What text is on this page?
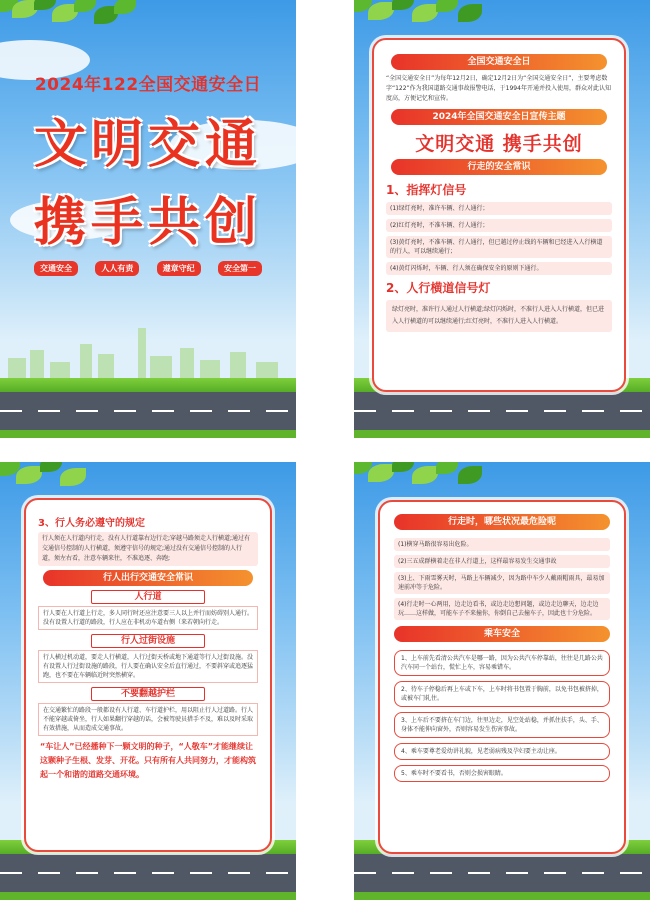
2024年122全国交通安全日
文明交通
携手共创
交通安全	人人有责	遵章守纪	安全第一
全国交通安全日
“全国交通安全日”为每年12月2日，确定12月2日为“全国交通安全日”，主要考虑数字“122”作为我国道路交通事故报警电话，于1994年开通并投入使用，群众对此认知度高，方便记忆和宣传。
2024年全国交通安全日宣传主题
文明交通 携手共创
行走的安全常识
1、指挥灯信号
(1)绿灯亮时，准许车辆、行人通行；
(2)红灯亮时，不准车辆、行人通行；
(3)黄灯亮时，不准车辆、行人通行，但已越过停止线的车辆和已经进入人行横道的行人，可以继续通行；
(4)黄灯闪烁时，车辆、行人须在确保安全的原则下通行。
2、人行横道信号灯
绿灯亮时，准许行人通过人行横道;绿灯闪烁时，不准行人进入人行横道，但已进入人行横道的可以继续通行;红灯亮时，不准行人进入人行横道。
3、行人务必遵守的规定
行人须在人行道内行走，没有人行道靠右边行走;穿越马路须走人行横道;通过有交通信号控制的人行横道，须遵守信号的规定;通过没有交通信号控制的人行道，须左右看，注意车辆来往，不准追逐、奔跑;
行人出行交通安全常识
人行道
行人要在人行道上行走，多人同行时还应注意要三人以上并行而妨碍别人通行。没有设置人行道的路段，行人应在非机动车道右侧（来若朝向行走。
行人过街设施
行人横过机动道，要走人行横道，人行过街天桥或地下通道等行人过街设施。没有设置人行过街设施的路段，行人要在确认安全后直行通过，不要斜穿或追逐猛跑，也不要在车辆临近时突然横穿。
不要翻越护栏
在交通繁忙的路段一般都设有人行道、车行道护栏，用以阻止行人过道路。行人不能穿越或倚坐，行人如果翻行穿越的话，会被驾驶员措手不及，难以及时采取有效措施，从而造成交通事故。
“车让人”已经播种下一颗文明的种子，“人敬车”才能继续让这颗种子生根、发芽、开花。只有所有人共同努力，才能构筑起一个和谐的道路交通环境。
行走时，哪些状况最危险呢
(1)横穿马路很容易出危险。
(2)三五成群横着走在非人行道上，这样最容易发生交通事故
(3)上、下雨雪雾天时，马路上车辆减少，因为路中车少人戴雨帽雨具，最易加速前冲等于危险。
(4)行走时一心两用，边走边看书，或边走边想问题，或边走边聊天，边走边玩……这样做，可能车子不来撞你，你倒自己去撞车子，因此也十分危险。
乘车安全
1、上车前先看清公共汽车是哪一路，因为公共汽车停靠站，往往是几路公共汽车同一个站台，慌忙上车，容易乘错车。
2、待车子停稳后再上车或下车，上车时将书包置于胸前，以免书包被挤掉，或被车门轧住。
3、上车后不要挤在车门边，往里边走，见空处站稳，并抓住扶手，头、手、身体不能伸向窗外，否则容易发生伤害事故。
4、乘车要尊老爱幼讲礼貌，见老弱病残及孕妇要主动让座。
5、乘车时不要看书，否则会损害眼睛。
